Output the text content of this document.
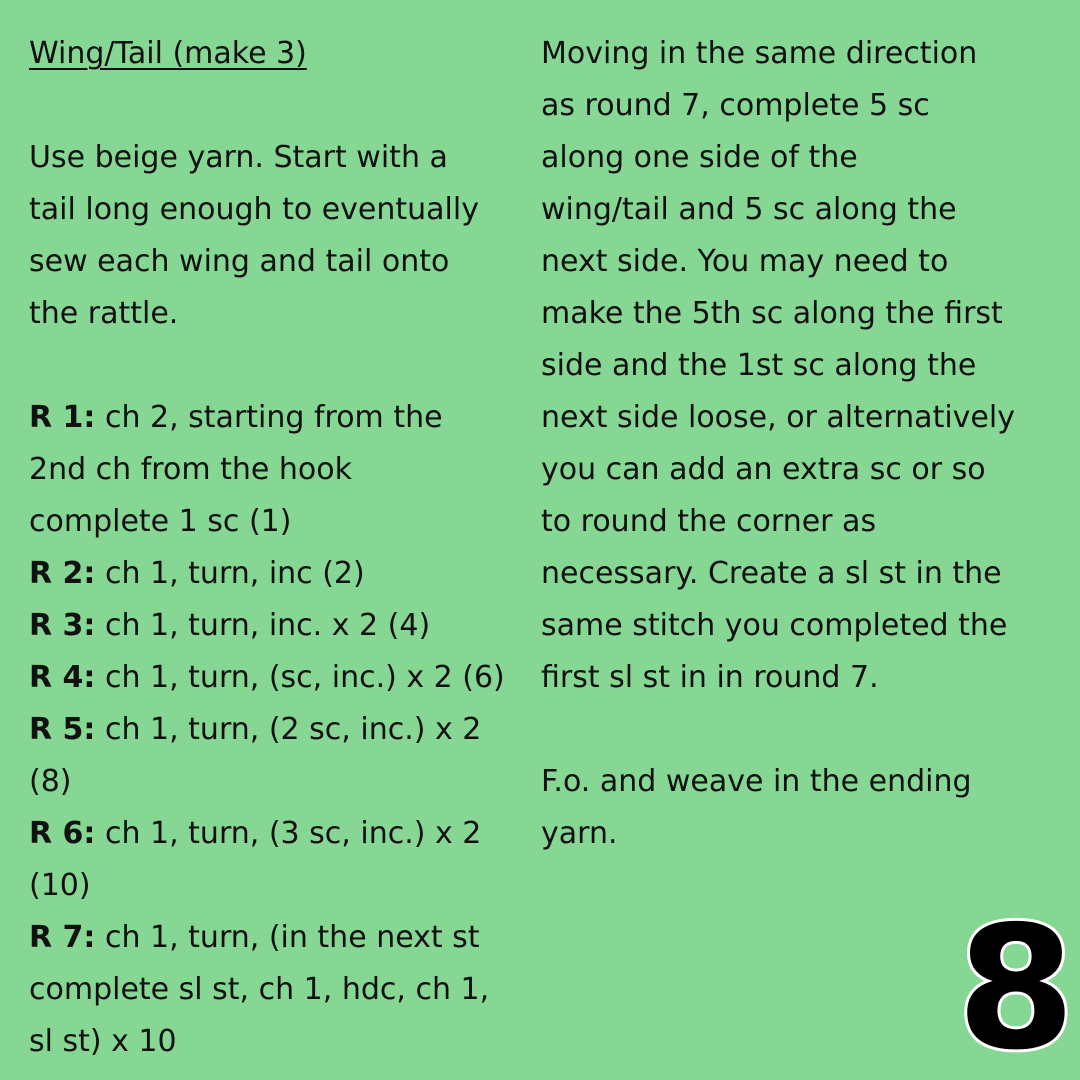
Wing/Tail (make 3)

Use beige yarn. Start with a

tail long enough to eventually

sew each wing and tail onto

the rattle.

R 1: ch 2, starting from the

2nd ch from the hook

complete 1 sc (1)

R 2: ch 1, turn, inc (2)

R 3: ch 1, turn, inc. x 2 (4)

R 4: ch 1, turn, (sc, inc.) x 2 (6)

R 5: ch 1, turn, (2 sc, inc.) x 2

(8)

R 6: ch 1, turn, (3 sc, inc.) x 2

(10)

R 7: ch 1, turn, (in the next st

complete sl st, ch 1, hdc, ch 1,

sl st) x 10

Moving in the same direction

as round 7, complete 5 sc

along one side of the

wing/tail and 5 sc along the

next side. You may need to

make the 5th sc along the first

side and the 1st sc along the

next side loose, or alternatively

you can add an extra sc or so

to round the corner as

necessary. Create a sl st in the

same stitch you completed the

first sl st in in round 7.

F.o. and weave in the ending

yarn.

8
